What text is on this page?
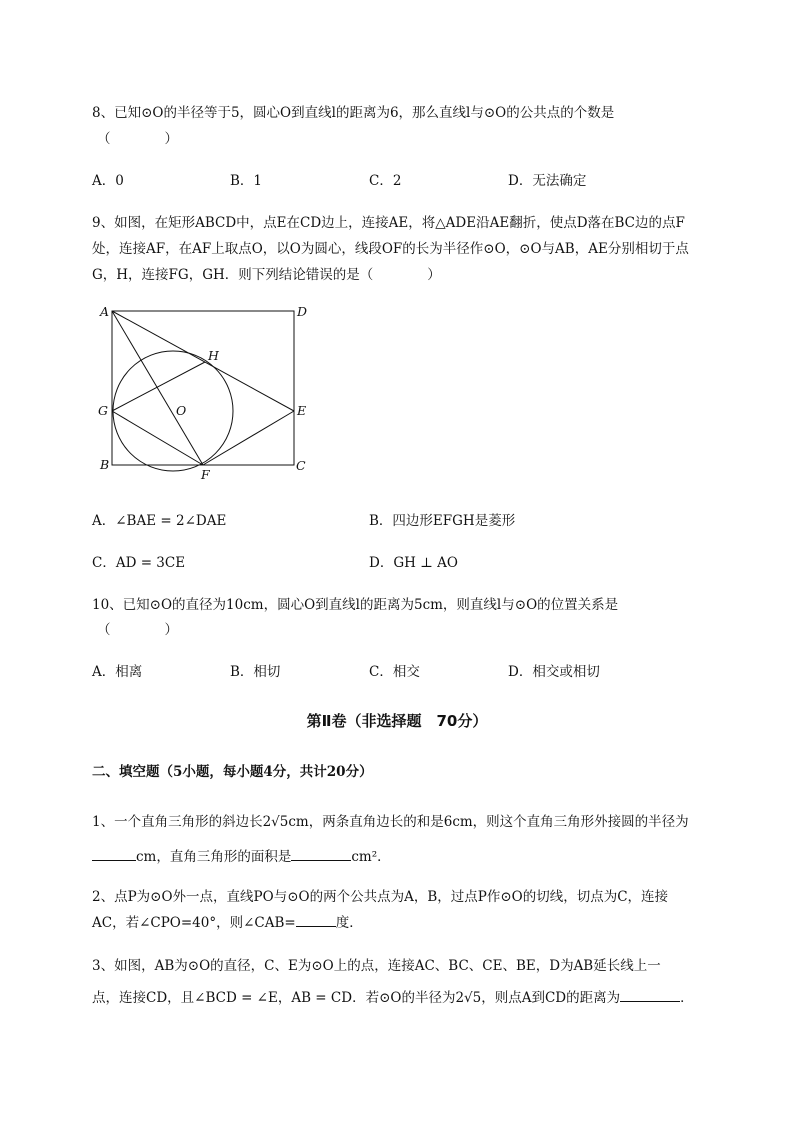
8、已知⊙O的半径等于5，圆心O到直线l的距离为6，那么直线l与⊙O的公共点的个数是
（　　　　）
A．0	B．1	C．2	D．无法确定
9、如图，在矩形ABCD中，点E在CD边上，连接AE，将△ADE沿AE翻折，使点D落在BC边的点F
处，连接AF，在AF上取点O，以O为圆心，线段OF的长为半径作⊙O，⊙O与AB，AE分别相切于点
G，H，连接FG，GH．则下列结论错误的是（　　　　）
A	D
H
G	O	E
B
F
C
A．∠BAE = 2∠DAE	B．四边形EFGH是菱形
C．AD = 3CE	D．GH ⊥ AO
10、已知⊙O的直径为10cm，圆心O到直线l的距离为5cm，则直线l与⊙O的位置关系是
（　　　　）
A．相离	B．相切	C．相交	D．相交或相切
第Ⅱ卷（非选择题　70分）
二、填空题（5小题，每小题4分，共计20分）
1、一个直角三角形的斜边长2√5cm，两条直角边长的和是6cm，则这个直角三角形外接圆的半径为
cm，直角三角形的面积是	cm²．
2、点P为⊙O外一点，直线PO与⊙O的两个公共点为A，B，过点P作⊙O的切线，切点为C，连接
AC，若∠CPO=40°，则∠CAB=	度．
3、如图，AB为⊙O的直径，C、E为⊙O上的点，连接AC、BC、CE、BE，D为AB延长线上一
点，连接CD，且∠BCD = ∠E，AB = CD．若⊙O的半径为2√5，则点A到CD的距离为	．
